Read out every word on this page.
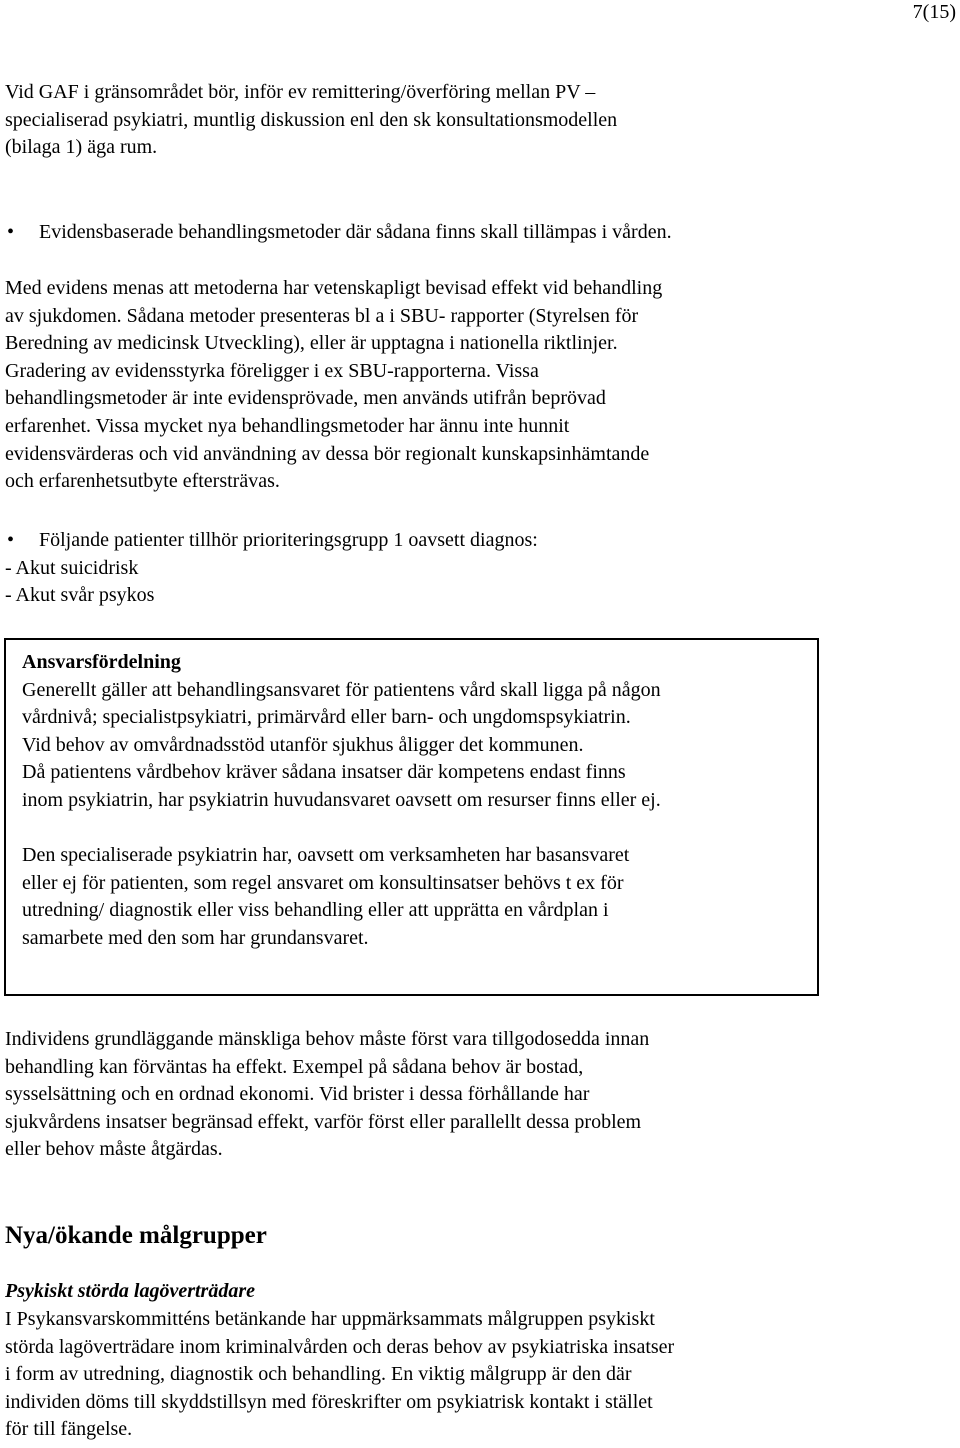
7(15)

Vid GAF i gränsområdet bör, inför ev remittering/överföring mellan PV –
specialiserad psykiatri, muntlig diskussion enl den sk konsultationsmodellen
(bilaga 1) äga rum.

• Evidensbaserade behandlingsmetoder där sådana finns skall tillämpas i vården.

Med evidens menas att metoderna har vetenskapligt bevisad effekt vid behandling
av sjukdomen. Sådana metoder presenteras bl a i SBU- rapporter (Styrelsen för
Beredning av medicinsk Utveckling), eller är upptagna i nationella riktlinjer.
Gradering av evidensstyrka föreligger i ex SBU-rapporterna. Vissa
behandlingsmetoder är inte evidensprövade, men används utifrån beprövad
erfarenhet. Vissa mycket nya behandlingsmetoder har ännu inte hunnit
evidensvärderas och vid användning av dessa bör regionalt kunskapsinhämtande
och erfarenhetsutbyte eftersträvas.

• Följande patienter tillhör prioriteringsgrupp 1 oavsett diagnos:
- Akut suicidrisk
- Akut svår psykos

Ansvarsfördelning
Generellt gäller att behandlingsansvaret för patientens vård skall ligga på någon
vårdnivå; specialistpsykiatri, primärvård eller barn- och ungdomspsykiatrin.
Vid behov av omvårdnadsstöd utanför sjukhus åligger det kommunen.
Då patientens vårdbehov kräver sådana insatser där kompetens endast finns
inom psykiatrin, har psykiatrin huvudansvaret oavsett om resurser finns eller ej.
Den specialiserade psykiatrin har, oavsett om verksamheten har basansvaret
eller ej för patienten, som regel ansvaret om konsultinsatser behövs t ex för
utredning/ diagnostik eller viss behandling eller att upprätta en vårdplan i
samarbete med den som har grundansvaret.

Individens grundläggande mänskliga behov måste först vara tillgodosedda innan
behandling kan förväntas ha effekt. Exempel på sådana behov är bostad,
sysselsättning och en ordnad ekonomi. Vid brister i dessa förhållande har
sjukvårdens insatser begränsad effekt, varför först eller parallellt dessa problem
eller behov måste åtgärdas.

Nya/ökande målgrupper
Psykiskt störda lagöverträdare

I Psykansvarskommitténs betänkande har uppmärksammats målgruppen psykiskt
störda lagöverträdare inom kriminalvården och deras behov av psykiatriska insatser
i form av utredning, diagnostik och behandling. En viktig målgrupp är den där
individen döms till skyddstillsyn med föreskrifter om psykiatrisk kontakt i stället
för till fängelse.
